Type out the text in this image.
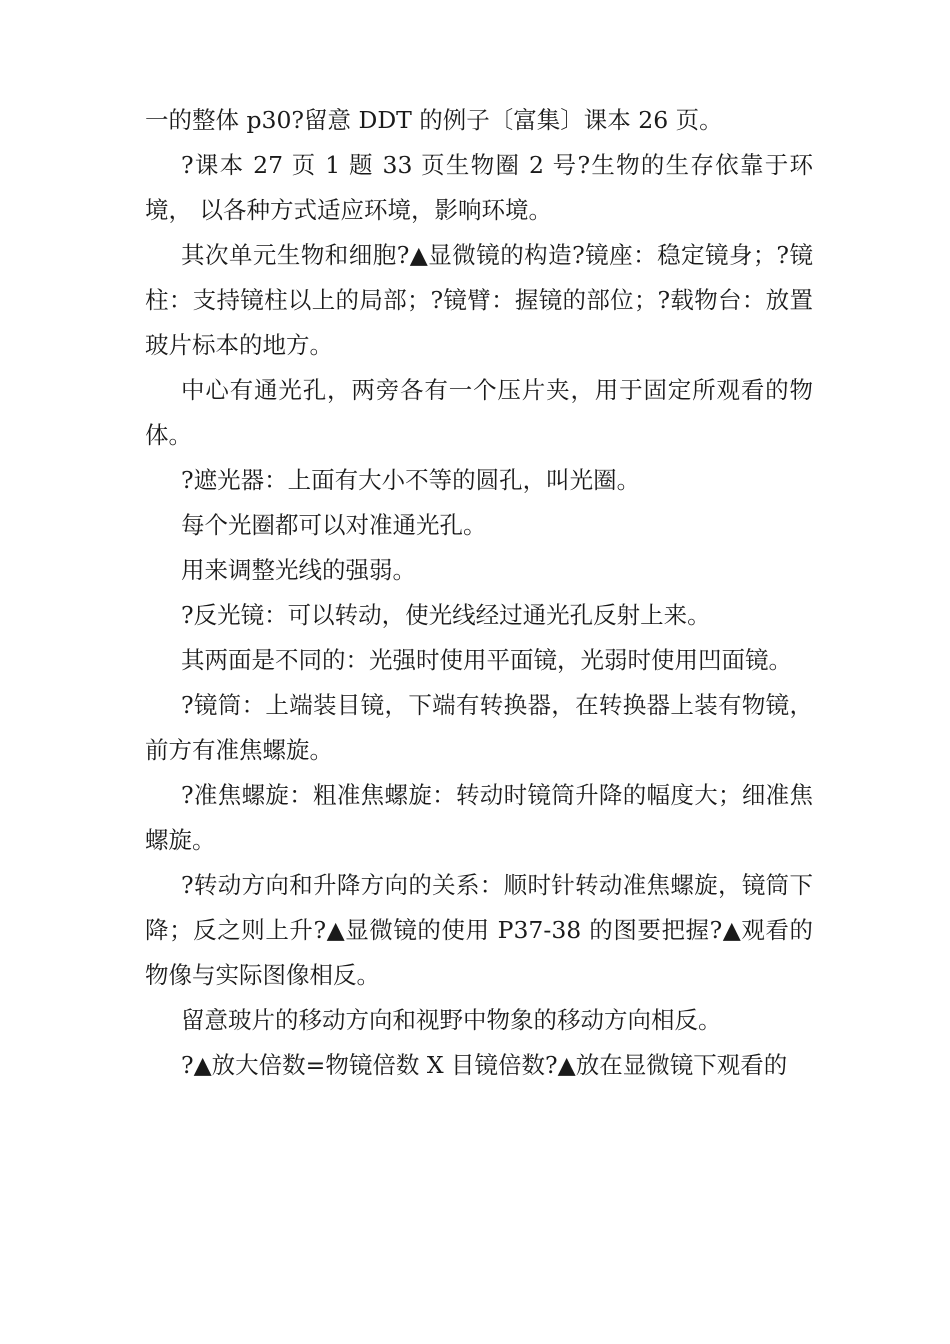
一的整体 p30?留意 DDT 的例子〔富集〕课本 26 页。

?课本 27 页 1 题 33 页生物圈 2 号?生物的生存依靠于环境， 以各种方式适应环境，影响环境。

其次单元生物和细胞?▲显微镜的构造?镜座：稳定镜身；?镜柱：支持镜柱以上的局部；?镜臂：握镜的部位；?载物台：放置玻片标本的地方。

中心有通光孔，两旁各有一个压片夹，用于固定所观看的物体。

?遮光器：上面有大小不等的圆孔，叫光圈。

每个光圈都可以对准通光孔。

用来调整光线的强弱。

?反光镜：可以转动，使光线经过通光孔反射上来。

其两面是不同的：光强时使用平面镜，光弱时使用凹面镜。

?镜筒：上端装目镜，下端有转换器，在转换器上装有物镜，前方有准焦螺旋。

?准焦螺旋：粗准焦螺旋：转动时镜筒升降的幅度大；细准焦螺旋。

?转动方向和升降方向的关系：顺时针转动准焦螺旋，镜筒下降；反之则上升?▲显微镜的使用 P37-38 的图要把握?▲观看的物像与实际图像相反。

留意玻片的移动方向和视野中物象的移动方向相反。

?▲放大倍数=物镜倍数 X 目镜倍数?▲放在显微镜下观看的
